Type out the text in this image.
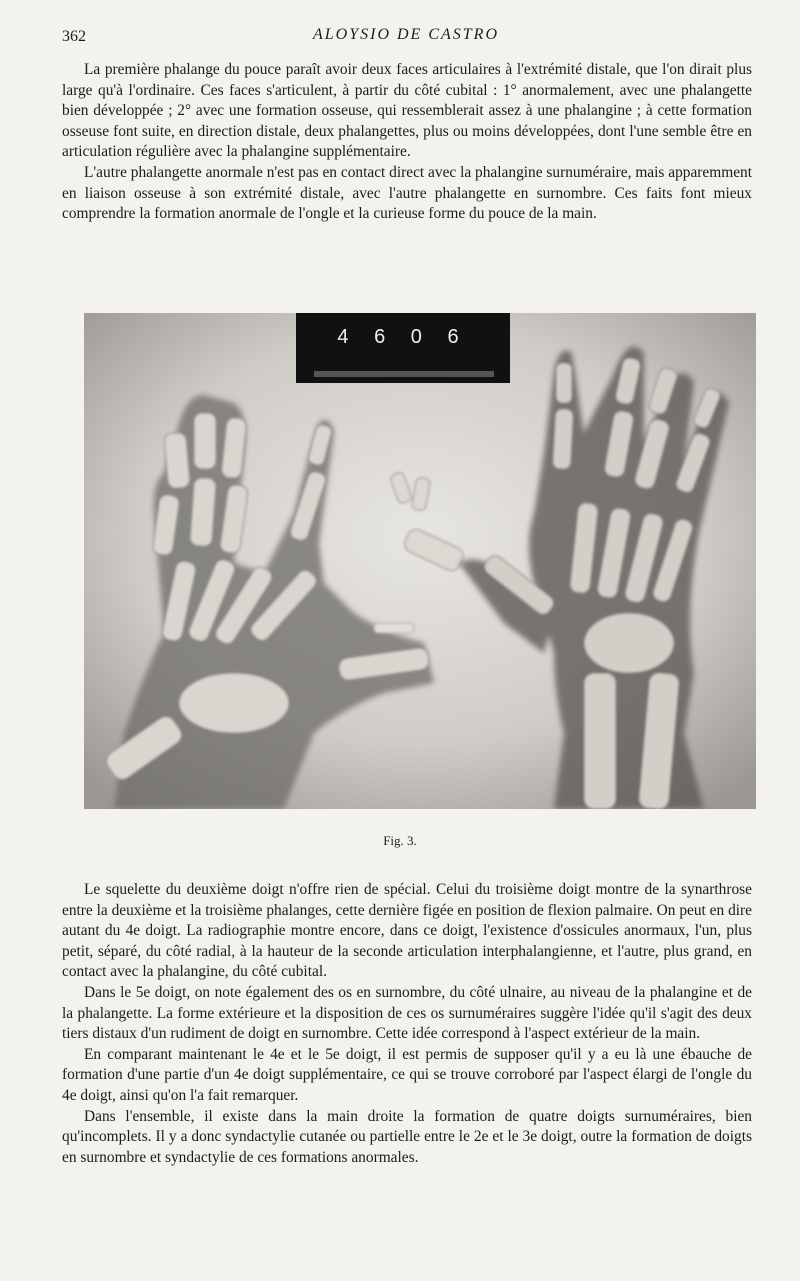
362	ALOYSIO DE CASTRO

La première phalange du pouce paraît avoir deux faces articulaires à l'extrémité distale, que l'on dirait plus large qu'à l'ordinaire. Ces faces s'articulent, à partir du côté cubital : 1° anormalement, avec une phalangette bien développée ; 2° avec une formation osseuse, qui ressemblerait assez à une phalangine ; à cette formation osseuse font suite, en direction distale, deux phalangettes, plus ou moins développées, dont l'une semble être en articulation régulière avec la phalangine supplémentaire.

L'autre phalangette anormale n'est pas en contact direct avec la phalangine surnuméraire, mais apparemment en liaison osseuse à son extrémité distale, avec l'autre phalangette en surnombre. Ces faits font mieux comprendre la formation anormale de l'ongle et la curieuse forme du pouce de la main.

4 6 0 6
Fig. 3.

Le squelette du deuxième doigt n'offre rien de spécial. Celui du troisième doigt montre de la synarthrose entre la deuxième et la troisième phalanges, cette dernière figée en position de flexion palmaire. On peut en dire autant du 4e doigt. La radiographie montre encore, dans ce doigt, l'existence d'ossicules anormaux, l'un, plus petit, séparé, du côté radial, à la hauteur de la seconde articulation interphalangienne, et l'autre, plus grand, en contact avec la phalangine, du côté cubital.

Dans le 5e doigt, on note également des os en surnombre, du côté ulnaire, au niveau de la phalangine et de la phalangette. La forme extérieure et la disposition de ces os surnuméraires suggère l'idée qu'il s'agit des deux tiers distaux d'un rudiment de doigt en surnombre. Cette idée correspond à l'aspect extérieur de la main.

En comparant maintenant le 4e et le 5e doigt, il est permis de supposer qu'il y a eu là une ébauche de formation d'une partie d'un 4e doigt supplémentaire, ce qui se trouve corroboré par l'aspect élargi de l'ongle du 4e doigt, ainsi qu'on l'a fait remarquer.

Dans l'ensemble, il existe dans la main droite la formation de quatre doigts surnuméraires, bien qu'incomplets. Il y a donc syndactylie cutanée ou partielle entre le 2e et le 3e doigt, outre la formation de doigts en surnombre et syndactylie de ces formations anormales.
